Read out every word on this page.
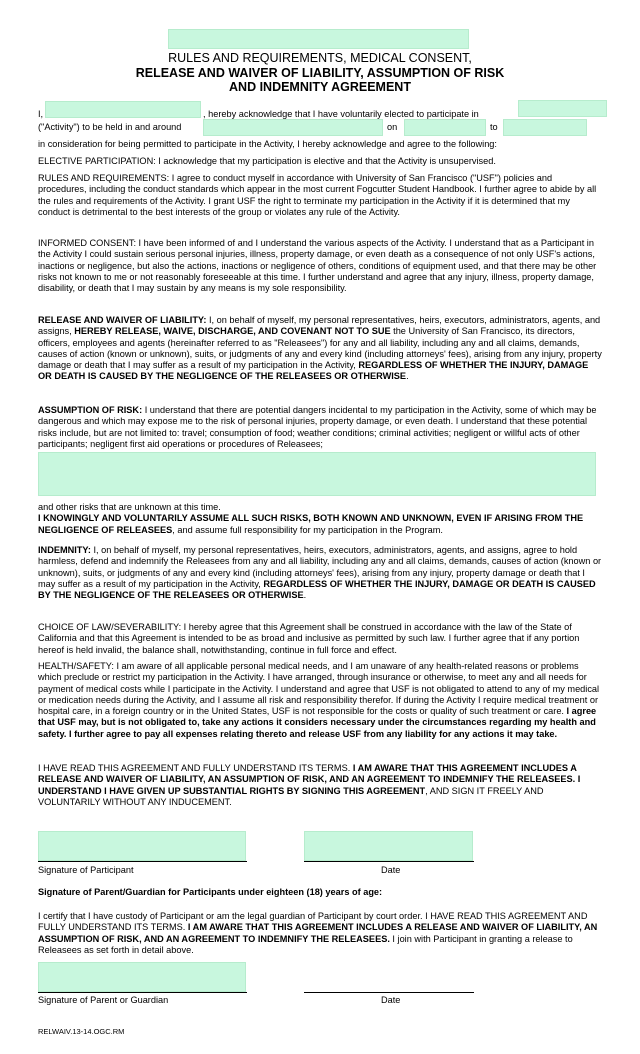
RULES AND REQUIREMENTS, MEDICAL CONSENT,
RELEASE AND WAIVER OF LIABILITY, ASSUMPTION OF RISK
AND INDEMNITY AGREEMENT
I,	, hereby acknowledge that I have voluntarily elected to participate in
("Activity") to be held in and around	on	to
in consideration for being permitted to participate in the Activity, I hereby acknowledge and agree to the following:
ELECTIVE PARTICIPATION: I acknowledge that my participation is elective and that the Activity is unsupervised.
RULES AND REQUIREMENTS: I agree to conduct myself in accordance with University of San Francisco ("USF") policies and procedures, including the conduct standards which appear in the most current Fogcutter Student Handbook. I further agree to abide by all the rules and requirements of the Activity. I grant USF the right to terminate my participation in the Activity if it is determined that my conduct is detrimental to the best interests of the group or violates any rule of the Activity.
INFORMED CONSENT: I have been informed of and I understand the various aspects of the Activity. I understand that as a Participant in the Activity I could sustain serious personal injuries, illness, property damage, or even death as a consequence of not only USF's actions, inactions or negligence, but also the actions, inactions or negligence of others, conditions of equipment used, and that there may be other risks not known to me or not reasonably foreseeable at this time. I further understand and agree that any injury, illness, property damage, disability, or death that I may sustain by any means is my sole responsibility.
RELEASE AND WAIVER OF LIABILITY: I, on behalf of myself, my personal representatives, heirs, executors, administrators, agents, and assigns, HEREBY RELEASE, WAIVE, DISCHARGE, AND COVENANT NOT TO SUE the University of San Francisco, its directors, officers, employees and agents (hereinafter referred to as "Releasees") for any and all liability, including any and all claims, demands, causes of action (known or unknown), suits, or judgments of any and every kind (including attorneys' fees), arising from any injury, property damage or death that I may suffer as a result of my participation in the Activity, REGARDLESS OF WHETHER THE INJURY, DAMAGE OR DEATH IS CAUSED BY THE NEGLIGENCE OF THE RELEASEES OR OTHERWISE.
ASSUMPTION OF RISK: I understand that there are potential dangers incidental to my participation in the Activity, some of which may be dangerous and which may expose me to the risk of personal injuries, property damage, or even death. I understand that these potential risks include, but are not limited to: travel; consumption of food; weather conditions; criminal activities; negligent or willful acts of other participants; negligent first aid operations or procedures of Releasees;
and other risks that are unknown at this time.
I KNOWINGLY AND VOLUNTARILY ASSUME ALL SUCH RISKS, BOTH KNOWN AND UNKNOWN, EVEN IF ARISING FROM THE NEGLIGENCE OF RELEASEES, and assume full responsibility for my participation in the Program.
INDEMNITY: I, on behalf of myself, my personal representatives, heirs, executors, administrators, agents, and assigns, agree to hold harmless, defend and indemnify the Releasees from any and all liability, including any and all claims, demands, causes of action (known or unknown), suits, or judgments of any and every kind (including attorneys' fees), arising from any injury, property damage or death that I may suffer as a result of my participation in the Activity, REGARDLESS OF WHETHER THE INJURY, DAMAGE OR DEATH IS CAUSED BY THE NEGLIGENCE OF THE RELEASEES OR OTHERWISE.
CHOICE OF LAW/SEVERABILITY: I hereby agree that this Agreement shall be construed in accordance with the law of the State of California and that this Agreement is intended to be as broad and inclusive as permitted by such law. I further agree that if any portion hereof is held invalid, the balance shall, notwithstanding, continue in full force and effect.
HEALTH/SAFETY: I am aware of all applicable personal medical needs, and I am unaware of any health-related reasons or problems which preclude or restrict my participation in the Activity. I have arranged, through insurance or otherwise, to meet any and all needs for payment of medical costs while I participate in the Activity. I understand and agree that USF is not obligated to attend to any of my medical or medication needs during the Activity, and I assume all risk and responsibility therefor. If during the Activity I require medical treatment or hospital care, in a foreign country or in the United States, USF is not responsible for the costs or quality of such treatment or care. I agree that USF may, but is not obligated to, take any actions it considers necessary under the circumstances regarding my health and safety. I further agree to pay all expenses relating thereto and release USF from any liability for any actions it may take.
I HAVE READ THIS AGREEMENT AND FULLY UNDERSTAND ITS TERMS. I AM AWARE THAT THIS AGREEMENT INCLUDES A RELEASE AND WAIVER OF LIABILITY, AN ASSUMPTION OF RISK, AND AN AGREEMENT TO INDEMNIFY THE RELEASEES. I UNDERSTAND I HAVE GIVEN UP SUBSTANTIAL RIGHTS BY SIGNING THIS AGREEMENT, AND SIGN IT FREELY AND VOLUNTARILY WITHOUT ANY INDUCEMENT.
Signature of Participant	Date
Signature of Parent/Guardian for Participants under eighteen (18) years of age:
I certify that I have custody of Participant or am the legal guardian of Participant by court order. I HAVE READ THIS AGREEMENT AND FULLY UNDERSTAND ITS TERMS. I AM AWARE THAT THIS AGREEMENT INCLUDES A RELEASE AND WAIVER OF LIABILITY, AN ASSUMPTION OF RISK, AND AN AGREEMENT TO INDEMNIFY THE RELEASEES. I join with Participant in granting a release to Releasees as set forth in detail above.
Signature of Parent or Guardian	Date
RELWAIV.13-14.OGC.RM
